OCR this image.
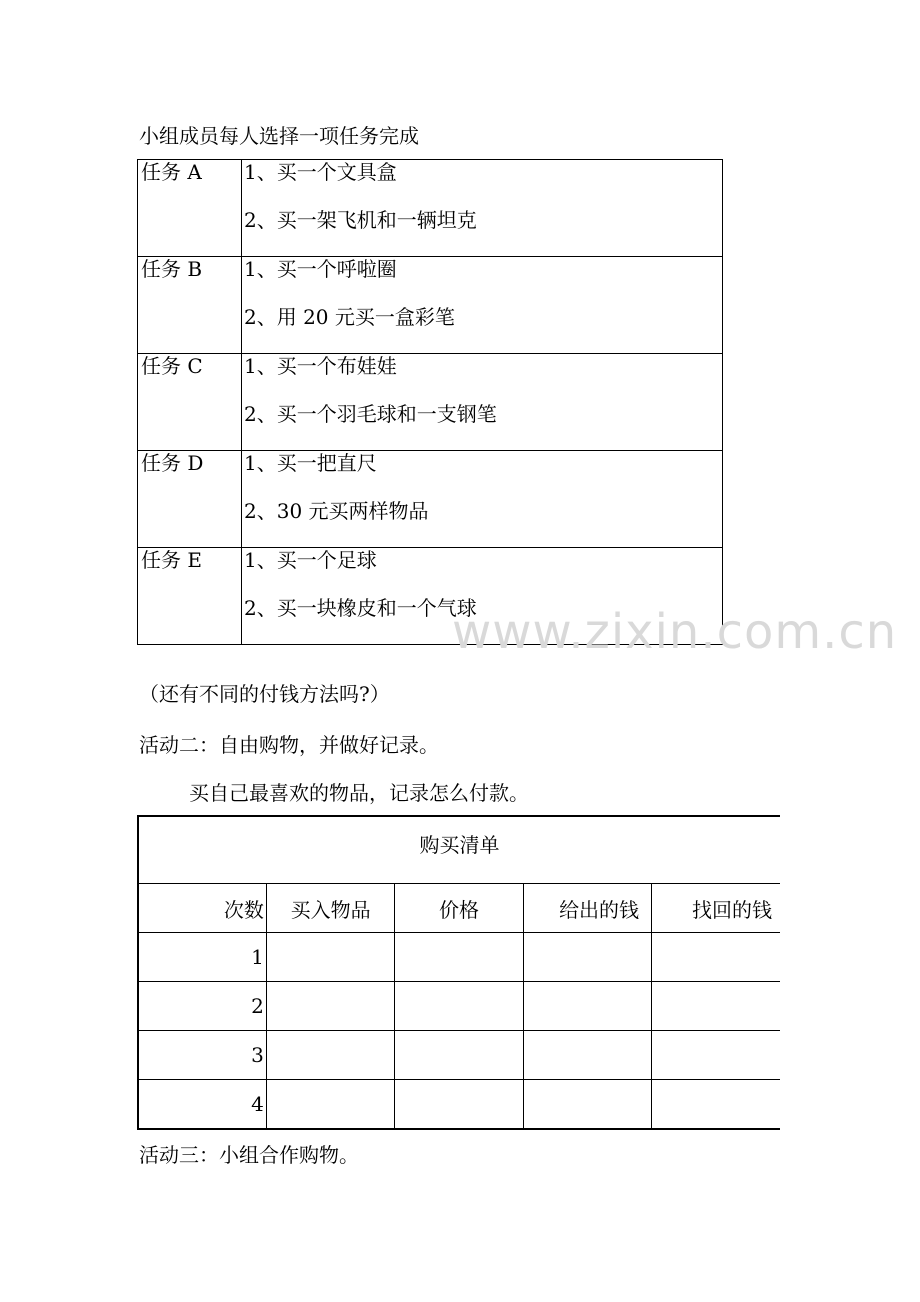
小组成员每人选择一项任务完成
任务 A	1、买一个文具盒
2、买一架飞机和一辆坦克

任务 B	1、买一个呼啦圈
2、用 20 元买一盒彩笔

任务 C	1、买一个布娃娃
2、买一个羽毛球和一支钢笔

任务 D	1、买一把直尺
2、30 元买两样物品

任务 E	1、买一个足球
2、买一块橡皮和一个气球
www.zixin.com.cn
（还有不同的付钱方法吗?）
活动二：自由购物，并做好记录。
买自己最喜欢的物品，记录怎么付款。
购买清单				
次数	买入物品	价格	给出的钱	找回的钱
1				
2				
3				
4				
活动三：小组合作购物。
